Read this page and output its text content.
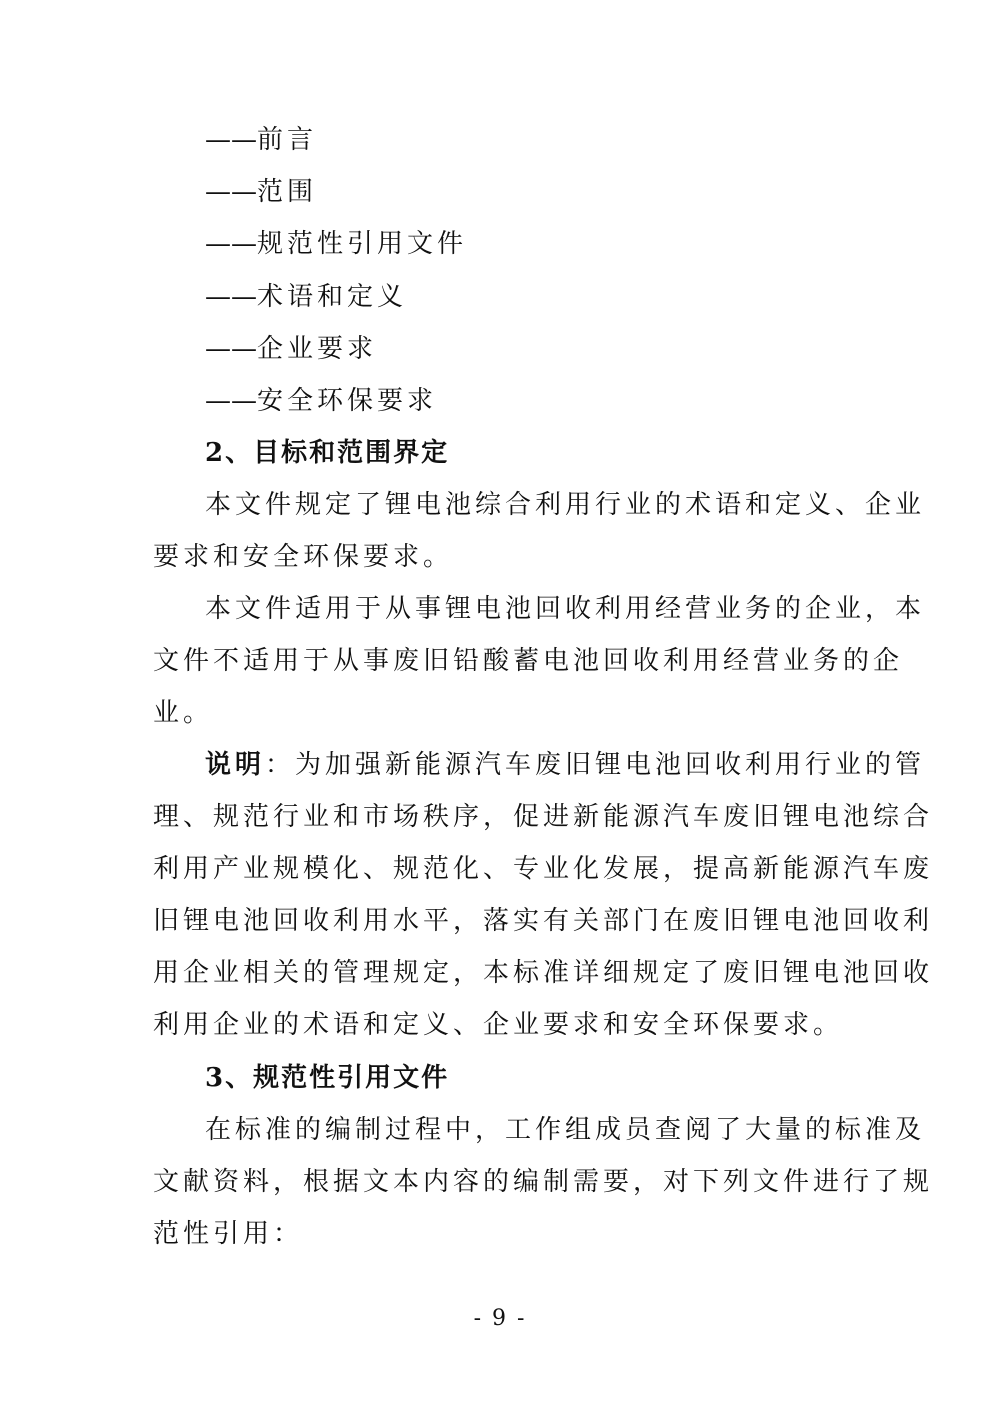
——前言
——范围
——规范性引用文件
——术语和定义
——企业要求
——安全环保要求
2、目标和范围界定
本文件规定了锂电池综合利用行业的术语和定义、企业
要求和安全环保要求。
本文件适用于从事锂电池回收利用经营业务的企业，本
文件不适用于从事废旧铅酸蓄电池回收利用经营业务的企
业。
说明：为加强新能源汽车废旧锂电池回收利用行业的管
理、规范行业和市场秩序，促进新能源汽车废旧锂电池综合
利用产业规模化、规范化、专业化发展，提高新能源汽车废
旧锂电池回收利用水平，落实有关部门在废旧锂电池回收利
用企业相关的管理规定，本标准详细规定了废旧锂电池回收
利用企业的术语和定义、企业要求和安全环保要求。
3、规范性引用文件
在标准的编制过程中，工作组成员查阅了大量的标准及
文献资料，根据文本内容的编制需要，对下列文件进行了规
范性引用：
- 9 -
